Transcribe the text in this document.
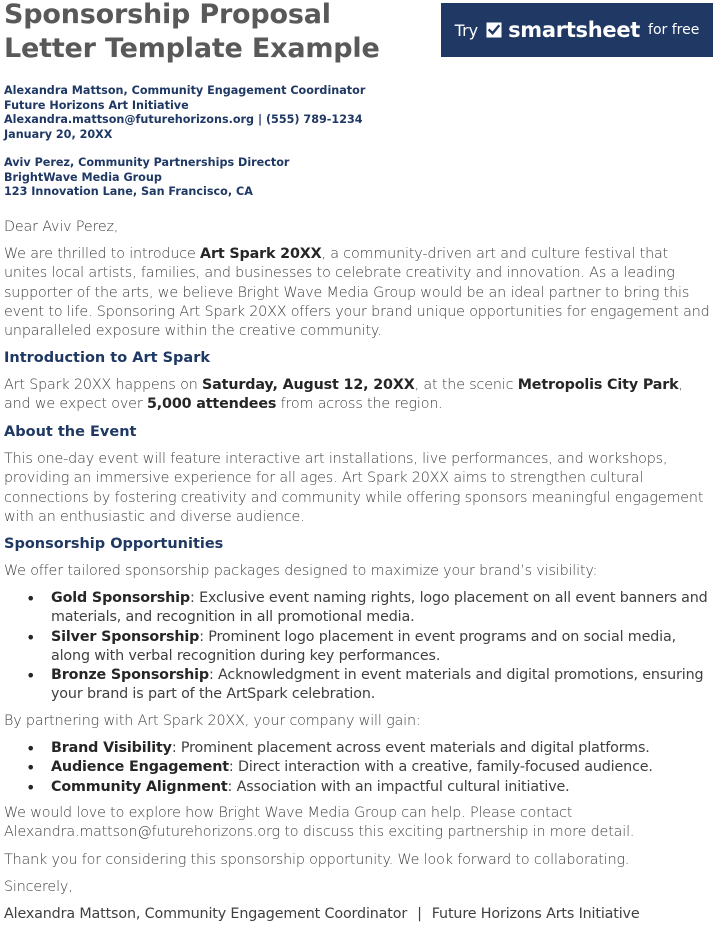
Sponsorship Proposal
Letter Template Example
Try smartsheet for free
Alexandra Mattson, Community Engagement Coordinator
Future Horizons Art Initiative
Alexandra.mattson@futurehorizons.org | (555) 789-1234
January 20, 20XX
Aviv Perez, Community Partnerships Director
BrightWave Media Group
123 Innovation Lane, San Francisco, CA

Dear Aviv Perez,

We are thrilled to introduce Art Spark 20XX, a community-driven art and culture festival that unites local artists, families, and businesses to celebrate creativity and innovation. As a leading supporter of the arts, we believe Bright Wave Media Group would be an ideal partner to bring this event to life. Sponsoring Art Spark 20XX offers your brand unique opportunities for engagement and unparalleled exposure within the creative community.

Introduction to Art Spark

Art Spark 20XX happens on Saturday, August 12, 20XX, at the scenic Metropolis City Park, and we expect over 5,000 attendees from across the region.

About the Event

This one-day event will feature interactive art installations, live performances, and workshops, providing an immersive experience for all ages. Art Spark 20XX aims to strengthen cultural connections by fostering creativity and community while offering sponsors meaningful engagement with an enthusiastic and diverse audience.

Sponsorship Opportunities

We offer tailored sponsorship packages designed to maximize your brand’s visibility:

• Gold Sponsorship: Exclusive event naming rights, logo placement on all event banners and materials, and recognition in all promotional media.
• Silver Sponsorship: Prominent logo placement in event programs and on social media, along with verbal recognition during key performances.
• Bronze Sponsorship: Acknowledgment in event materials and digital promotions, ensuring your brand is part of the ArtSpark celebration.

By partnering with Art Spark 20XX, your company will gain:

• Brand Visibility: Prominent placement across event materials and digital platforms.
• Audience Engagement: Direct interaction with a creative, family-focused audience.
• Community Alignment: Association with an impactful cultural initiative.

We would love to explore how Bright Wave Media Group can help. Please contact Alexandra.mattson@futurehorizons.org to discuss this exciting partnership in more detail.

Thank you for considering this sponsorship opportunity. We look forward to collaborating.

Sincerely,

Alexandra Mattson, Community Engagement Coordinator | Future Horizons Arts Initiative
